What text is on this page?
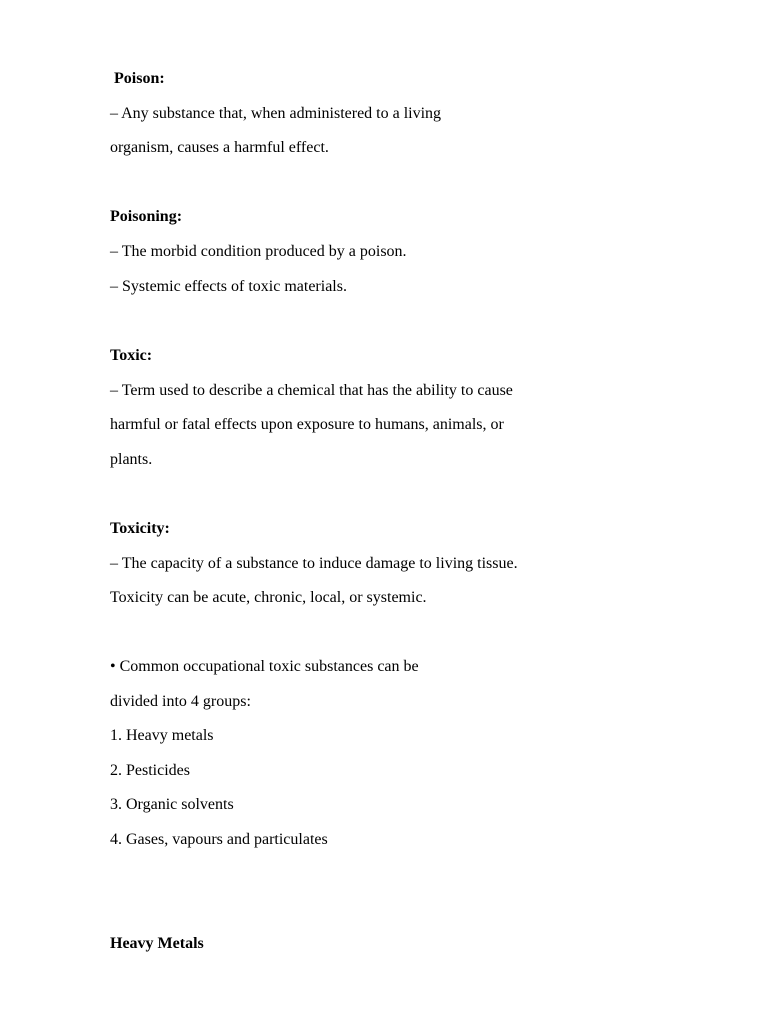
Poison:
– Any substance that, when administered to a living
organism, causes a harmful effect.
Poisoning:
– The morbid condition produced by a poison.
– Systemic effects of toxic materials.
Toxic:
– Term used to describe a chemical that has the ability to cause
harmful or fatal effects upon exposure to humans, animals, or
plants.
Toxicity:
– The capacity of a substance to induce damage to living tissue.
Toxicity can be acute, chronic, local, or systemic.
• Common occupational toxic substances can be
divided into 4 groups:
1. Heavy metals
2. Pesticides
3. Organic solvents
4. Gases, vapours and particulates
Heavy Metals
